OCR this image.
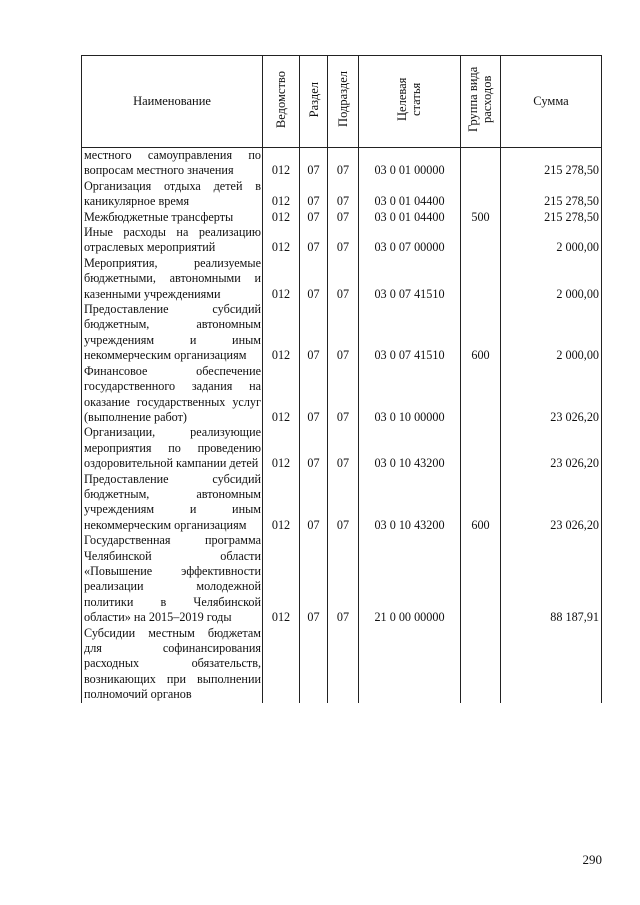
Наименование	Ведомство	Раздел	Подраздел	Целевая статья	Группа вида расходов	Сумма
местного самоуправления по вопросам местного значения	012	07	07	03 0 01 00000		215 278,50
Организация отдыха детей в каникулярное время	012	07	07	03 0 01 04400		215 278,50
Межбюджетные трансферты	012	07	07	03 0 01 04400	500	215 278,50
Иные расходы на реализацию отраслевых мероприятий	012	07	07	03 0 07 00000		2 000,00
Мероприятия, реализуемые бюджетными, автономными и казенными учреждениями	012	07	07	03 0 07 41510		2 000,00
Предоставление субсидий бюджетным, автономным учреждениям и иным некоммерческим организациям	012	07	07	03 0 07 41510	600	2 000,00
Финансовое обеспечение государственного задания на оказание государственных услуг (выполнение работ)	012	07	07	03 0 10 00000		23 026,20
Организации, реализующие мероприятия по проведению оздоровительной кампании детей	012	07	07	03 0 10 43200		23 026,20
Предоставление субсидий бюджетным, автономным учреждениям и иным некоммерческим организациям	012	07	07	03 0 10 43200	600	23 026,20
Государственная программа Челябинской области «Повышение эффективности реализации молодежной политики в Челябинской области» на 2015–2019 годы	012	07	07	21 0 00 00000		88 187,91
Субсидии местным бюджетам для софинансирования расходных обязательств, возникающих при выполнении полномочий органов						
290
